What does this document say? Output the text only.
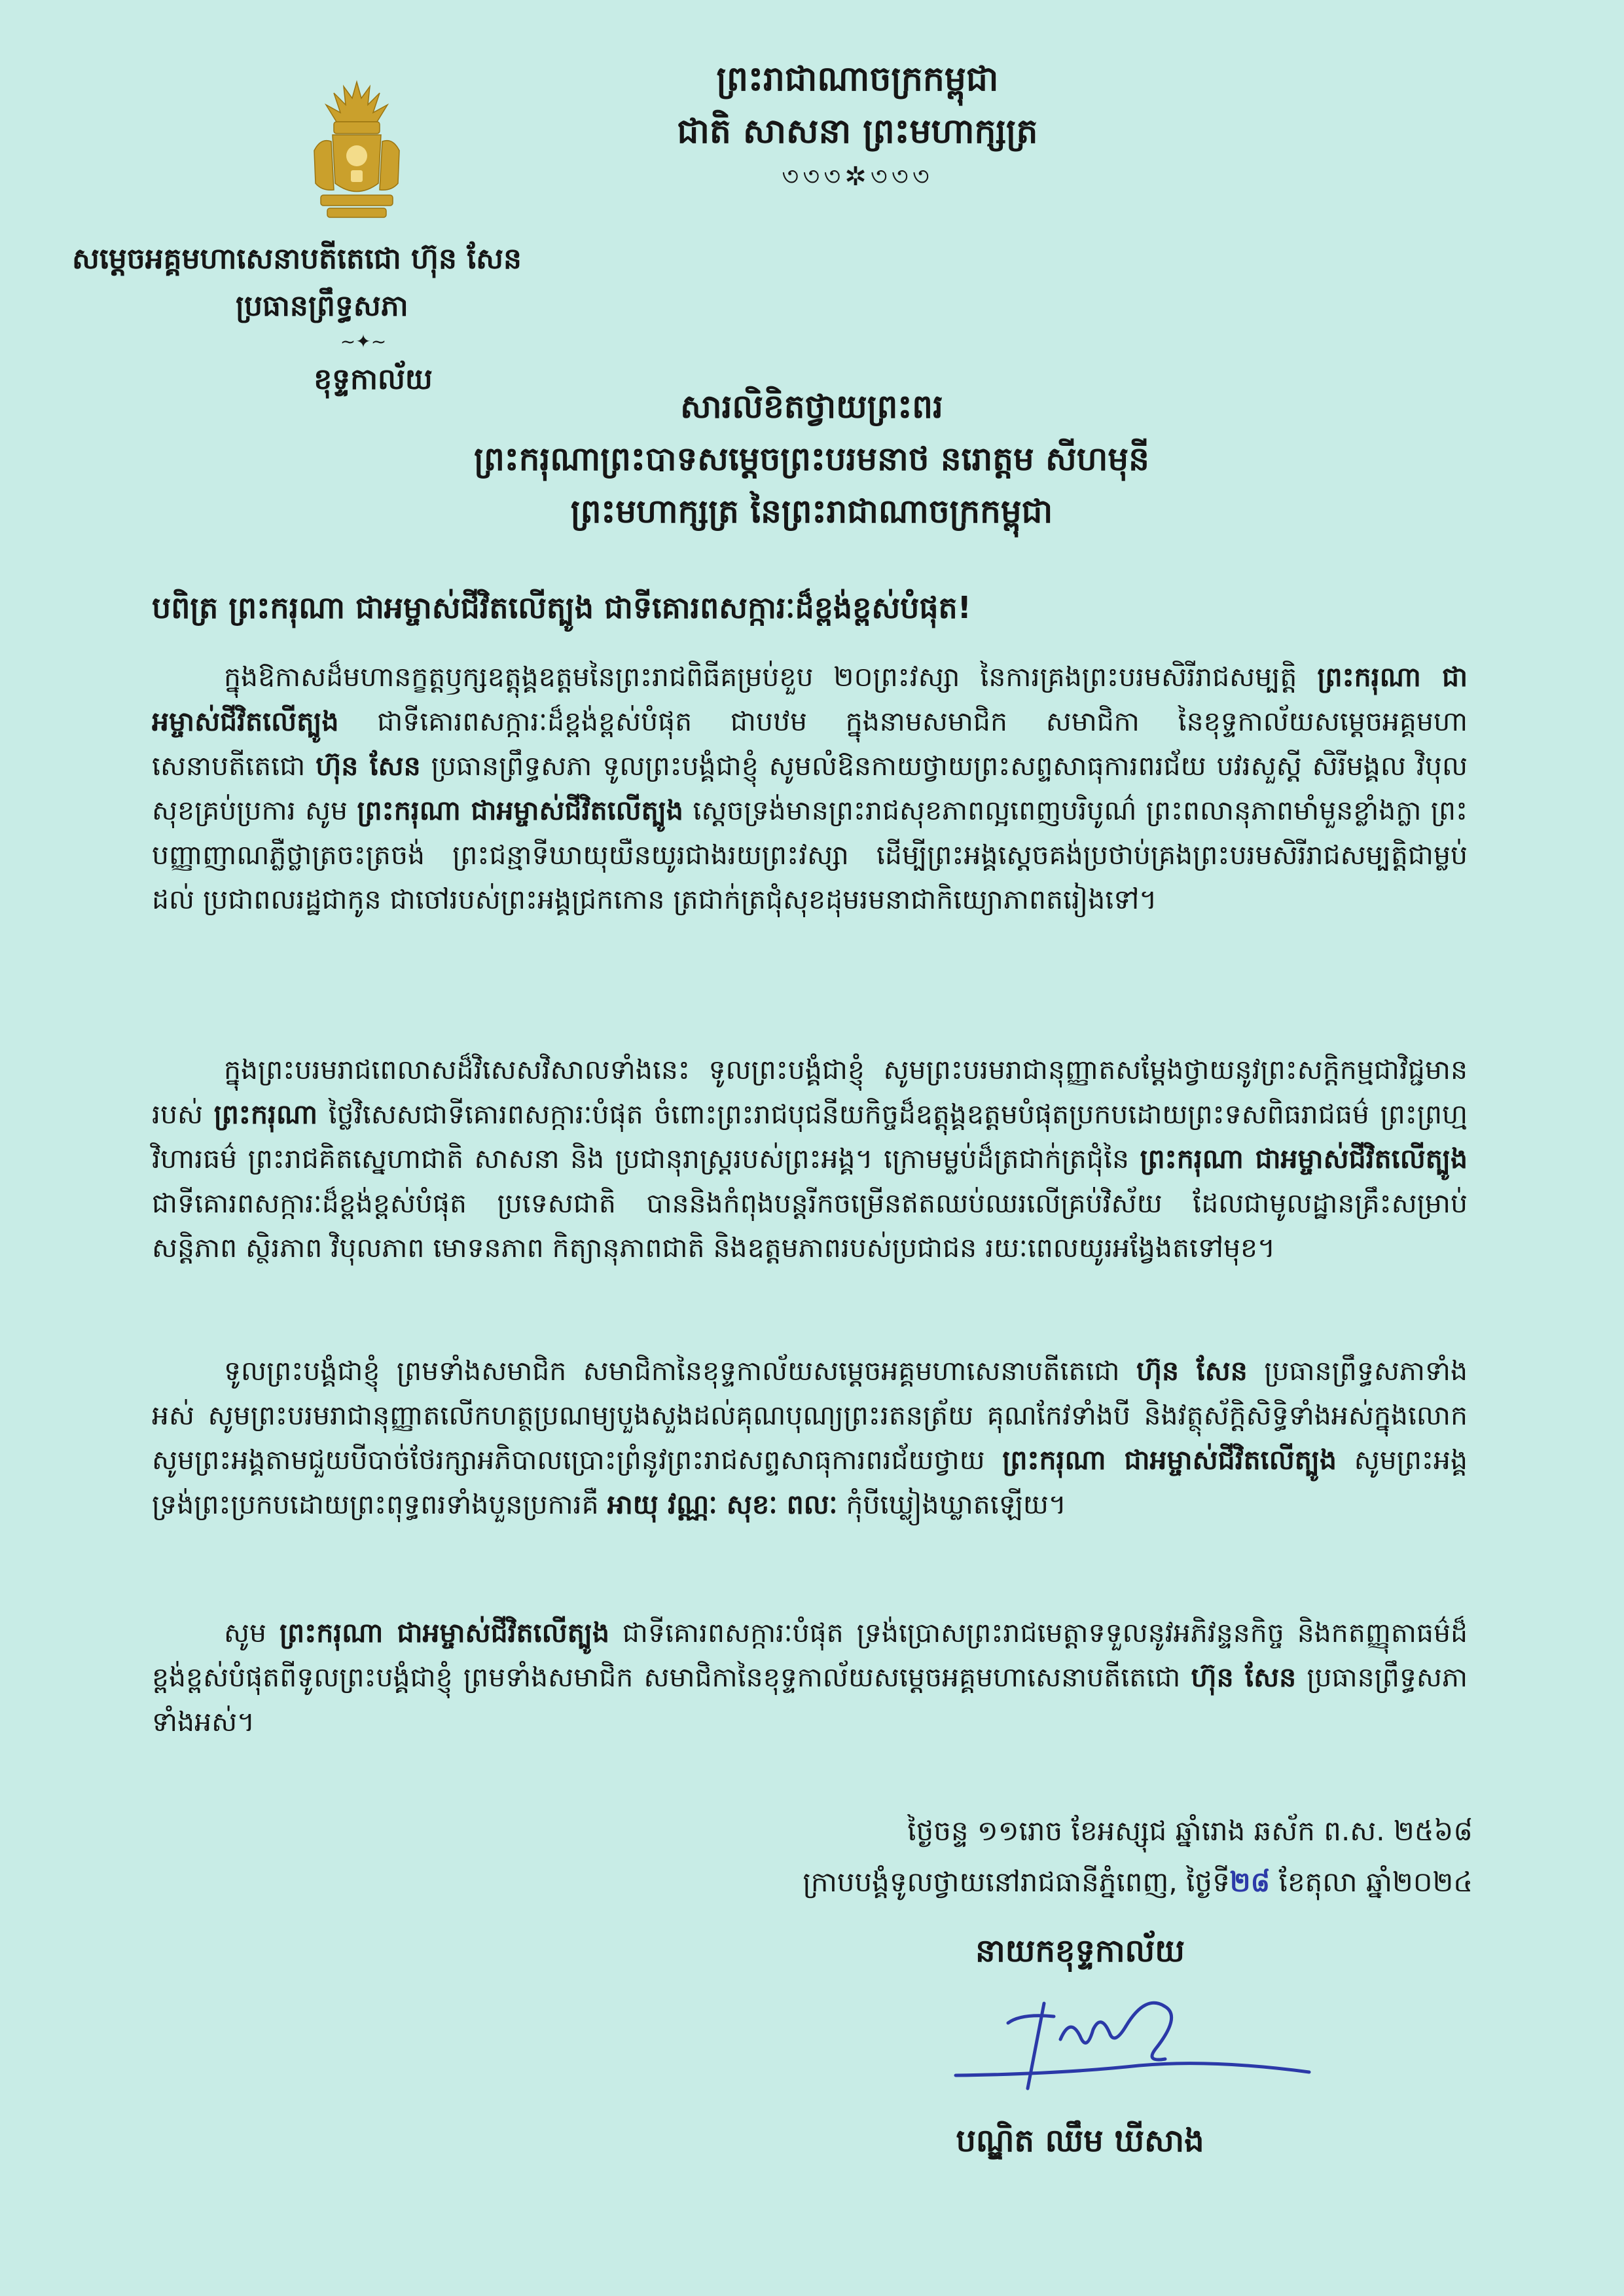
ព្រះរាជាណាចក្រកម្ពុជា
ជាតិ សាសនា ព្រះមហាក្សត្រ
৩৩৩✲৩৩৩
សម្តេចអគ្គមហាសេនាបតីតេជោ ហ៊ុន សែន
ប្រធានព្រឹទ្ធសភា
~✦~
ខុទ្ទកាល័យ
សារលិខិតថ្វាយព្រះពរ
ព្រះករុណាព្រះបាទសម្តេចព្រះបរមនាថ នរោត្តម សីហមុនី
ព្រះមហាក្សត្រ នៃព្រះរាជាណាចក្រកម្ពុជា
បពិត្រ ព្រះករុណា ជាអម្ចាស់ជីវិតលើត្បូង ជាទីគោរពសក្ការៈដ៏ខ្ពង់ខ្ពស់បំផុត!

ក្នុងឱកាសដ៏មហានក្ខត្តឫក្សឧត្តុង្គឧត្តមនៃព្រះរាជពិធីគម្រប់ខួប ២០ព្រះវស្សា នៃការគ្រងព្រះបរមសិរីរាជសម្បត្តិ ព្រះករុណា ជាអម្ចាស់ជីវិតលើត្បូង ជាទីគោរពសក្ការៈដ៏ខ្ពង់ខ្ពស់បំផុត ជាបឋម ក្នុងនាមសមាជិក សមាជិកា នៃខុទ្ទកាល័យសម្តេចអគ្គមហាសេនាបតីតេជោ ហ៊ុន សែន ប្រធានព្រឹទ្ធសភា ទូលព្រះបង្គំជាខ្ញុំ សូមលំឱនកាយថ្វាយព្រះសព្ទសាធុការពរជ័យ បវរសួស្តី សិរីមង្គល វិបុលសុខគ្រប់ប្រការ សូម ព្រះករុណា ជាអម្ចាស់ជីវិតលើត្បូង ស្តេចទ្រង់មានព្រះរាជសុខភាពល្អពេញបរិបូណ៌ ព្រះពលានុភាពមាំមួនខ្លាំងក្លា ព្រះបញ្ញាញាណភ្លឺថ្លាត្រចះត្រចង់ ព្រះជន្មាទីឃាយុយឺនយូរជាងរយព្រះវស្សា ដើម្បីព្រះអង្គស្តេចគង់ប្រថាប់គ្រងព្រះបរមសិរីរាជសម្បត្តិជាម្លប់ដល់ ប្រជាពលរដ្ឋជាកូន ជាចៅរបស់ព្រះអង្គជ្រកកោន ត្រជាក់ត្រជុំសុខដុមរមនាជាកិយ្យោភាពតរៀងទៅ។

ក្នុងព្រះបរមរាជពេលាសដ៏វិសេសវិសាលទាំងនេះ ទូលព្រះបង្គំជាខ្ញុំ សូមព្រះបរមរាជានុញ្ញាតសម្តែងថ្វាយនូវព្រះសក្តិកម្មជាវិជ្ជមានរបស់ ព្រះករុណា ថ្លៃវិសេសជាទីគោរពសក្ការៈបំផុត ចំពោះព្រះរាជបុជនីយកិច្ចដ៏ឧត្តុង្គឧត្តមបំផុតប្រកបដោយព្រះទសពិធរាជធម៌ ព្រះព្រហ្មវិហារធម៌ ព្រះរាជគិតស្នេហាជាតិ សាសនា និង ប្រជានុរាស្ត្ររបស់ព្រះអង្គ។ ក្រោមម្លប់ដ៏ត្រជាក់ត្រជុំនៃ ព្រះករុណា ជាអម្ចាស់ជីវិតលើត្បូង ជាទីគោរពសក្ការៈដ៏ខ្ពង់ខ្ពស់បំផុត ប្រទេសជាតិ បាននិងកំពុងបន្តរីកចម្រើនឥតឈប់ឈរលើគ្រប់វិស័យ ដែលជាមូលដ្ឋានគ្រឹះសម្រាប់សន្តិភាព ស្ថិរភាព វិបុលភាព មោទនភាព កិត្យានុភាពជាតិ និងឧត្តមភាពរបស់ប្រជាជន រយៈពេលយូរអង្វែងតទៅមុខ។

ទូលព្រះបង្គំជាខ្ញុំ ព្រមទាំងសមាជិក សមាជិកានៃខុទ្ទកាល័យសម្តេចអគ្គមហាសេនាបតីតេជោ ហ៊ុន សែន ប្រធានព្រឹទ្ធសភាទាំងអស់ សូមព្រះបរមរាជានុញ្ញាតលើកហត្ថប្រណម្យបួងសួងដល់គុណបុណ្យព្រះរតនត្រ័យ គុណកែវទាំងបី និងវត្ថុស័ក្តិសិទ្ធិទាំងអស់ក្នុងលោក សូមព្រះអង្គតាមជួយបីបាច់ថែរក្សាអភិបាលប្រោះព្រំនូវព្រះរាជសព្ទសាធុការពរជ័យថ្វាយ ព្រះករុណា ជាអម្ចាស់ជីវិតលើត្បូង សូមព្រះអង្គទ្រង់ព្រះប្រកបដោយព្រះពុទ្ធពរទាំងបួនប្រការគឺ អាយុ វណ្ណៈ សុខៈ ពលៈ កុំបីឃ្លៀងឃ្លាតឡើយ។

សូម ព្រះករុណា ជាអម្ចាស់ជីវិតលើត្បូង ជាទីគោរពសក្ការៈបំផុត ទ្រង់ប្រោសព្រះរាជមេត្តាទទួលនូវអភិវន្ទនកិច្ច និងកតញ្ញុតាធម៌ដ៏ខ្ពង់ខ្ពស់បំផុតពីទូលព្រះបង្គំជាខ្ញុំ ព្រមទាំងសមាជិក សមាជិកានៃខុទ្ទកាល័យសម្តេចអគ្គមហាសេនាបតីតេជោ ហ៊ុន សែន ប្រធានព្រឹទ្ធសភាទាំងអស់។

ថ្ងៃចន្ទ ១១រោច ខែអស្សុជ ឆ្នាំរោង ឆស័ក ព.ស. ២៥៦៨
ក្រាបបង្គំទូលថ្វាយនៅរាជធានីភ្នំពេញ, ថ្ងៃទី២៨ ខែតុលា ឆ្នាំ២០២៤
នាយកខុទ្ទកាល័យ
បណ្ឌិត ឈឹម ឃីសាង
